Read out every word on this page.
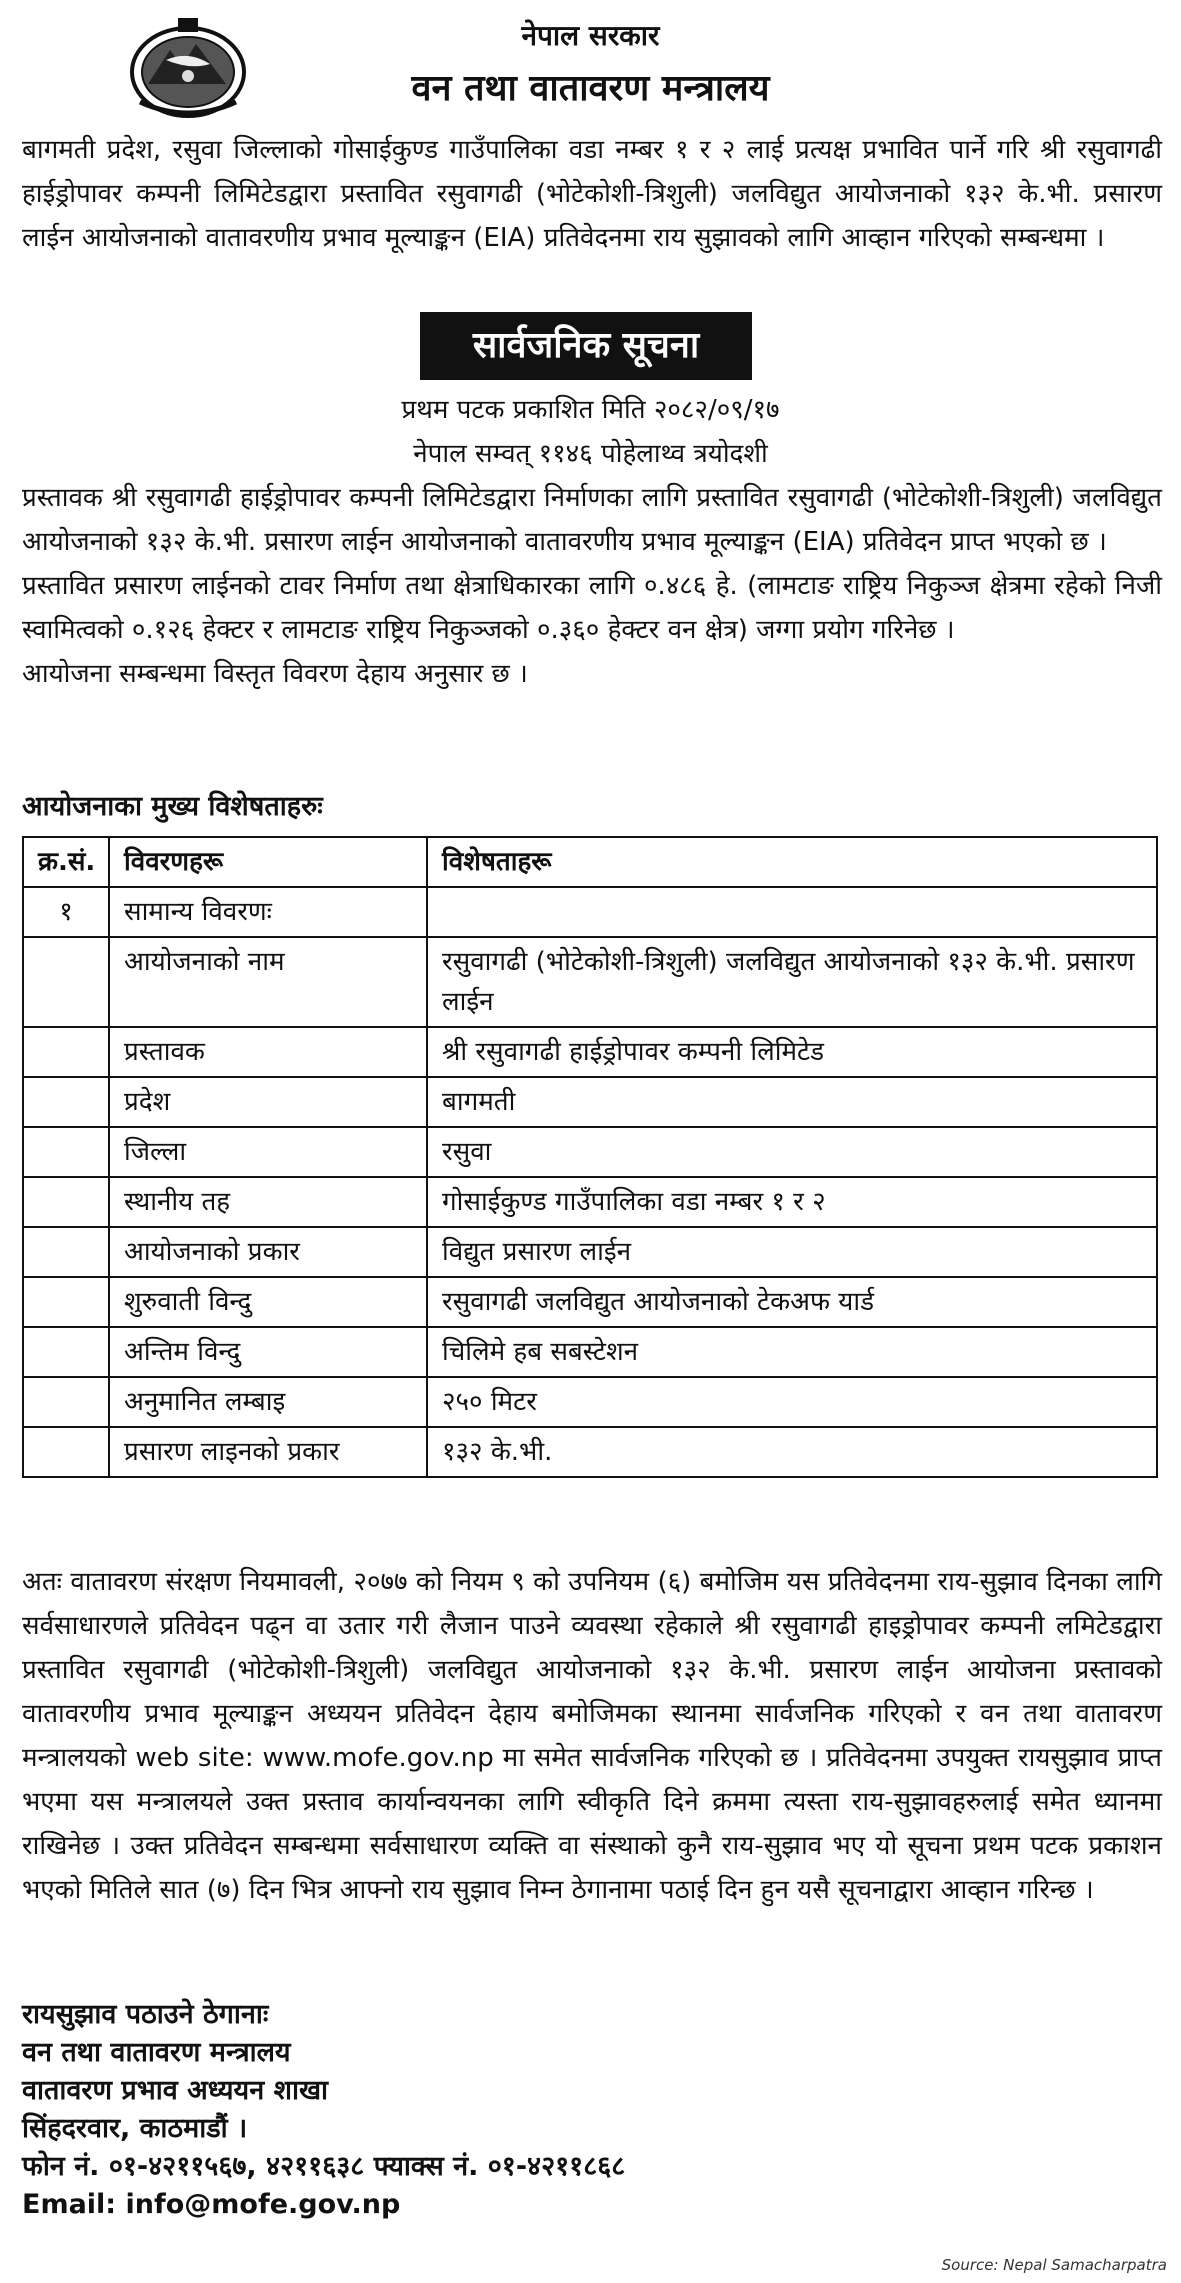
नेपाल सरकार
वन तथा वातावरण मन्त्रालय
बागमती प्रदेश, रसुवा जिल्लाको गोसाईकुण्ड गाउँपालिका वडा नम्बर १ र २ लाई प्रत्यक्ष प्रभावित पार्ने गरि श्री रसुवागढी हाईड्रोपावर कम्पनी लिमिटेडद्वारा प्रस्तावित रसुवागढी (भोटेकोशी-त्रिशुली) जलविद्युत आयोजनाको १३२ के.भी. प्रसारण लाईन आयोजनाको वातावरणीय प्रभाव मूल्याङ्कन (EIA) प्रतिवेदनमा राय सुझावको लागि आव्हान गरिएको सम्बन्धमा ।
सार्वजनिक सूचना
प्रथम पटक प्रकाशित मिति २०८२/०९/१७
नेपाल सम्वत् ११४६ पोहेलाथ्व त्रयोदशी
प्रस्तावक श्री रसुवागढी हाईड्रोपावर कम्पनी लिमिटेडद्वारा निर्माणका लागि प्रस्तावित रसुवागढी (भोटेकोशी-त्रिशुली) जलविद्युत आयोजनाको १३२ के.भी. प्रसारण लाईन आयोजनाको वातावरणीय प्रभाव मूल्याङ्कन (EIA) प्रतिवेदन प्राप्त भएको छ ।
प्रस्तावित प्रसारण लाईनको टावर निर्माण तथा क्षेत्राधिकारका लागि ०.४८६ हे. (लामटाङ राष्ट्रिय निकुञ्ज क्षेत्रमा रहेको निजी स्वामित्वको ०.१२६ हेक्टर र लामटाङ राष्ट्रिय निकुञ्जको ०.३६० हेक्टर वन क्षेत्र) जग्गा प्रयोग गरिनेछ ।
आयोजना सम्बन्धमा विस्तृत विवरण देहाय अनुसार छ ।
आयोजनाका मुख्य विशेषताहरुः
क्र.सं.	विवरणहरू	विशेषताहरू
१	सामान्य विवरणः	
	आयोजनाको नाम	रसुवागढी (भोटेकोशी-त्रिशुली) जलविद्युत आयोजनाको १३२ के.भी. प्रसारण लाईन
	प्रस्तावक	श्री रसुवागढी हाईड्रोपावर कम्पनी लिमिटेड
	प्रदेश	बागमती
	जिल्ला	रसुवा
	स्थानीय तह	गोसाईकुण्ड गाउँपालिका वडा नम्बर १ र २
	आयोजनाको प्रकार	विद्युत प्रसारण लाईन
	शुरुवाती विन्दु	रसुवागढी जलविद्युत आयोजनाको टेकअफ यार्ड
	अन्तिम विन्दु	चिलिमे हब सबस्टेशन
	अनुमानित लम्बाइ	२५० मिटर
	प्रसारण लाइनको प्रकार	१३२ के.भी.
अतः वातावरण संरक्षण नियमावली, २०७७ को नियम ९ को उपनियम (६) बमोजिम यस प्रतिवेदनमा राय-सुझाव दिनका लागि सर्वसाधारणले प्रतिवेदन पढ्न वा उतार गरी लैजान पाउने व्यवस्था रहेकाले श्री रसुवागढी हाइड्रोपावर कम्पनी लमिटेडद्वारा प्रस्तावित रसुवागढी (भोटेकोशी-त्रिशुली) जलविद्युत आयोजनाको १३२ के.भी. प्रसारण लाईन आयोजना प्रस्तावको वातावरणीय प्रभाव मूल्याङ्कन अध्ययन प्रतिवेदन देहाय बमोजिमका स्थानमा सार्वजनिक गरिएको र वन तथा वातावरण मन्त्रालयको web site: www.mofe.gov.np मा समेत सार्वजनिक गरिएको छ । प्रतिवेदनमा उपयुक्त रायसुझाव प्राप्त भएमा यस मन्त्रालयले उक्त प्रस्ताव कार्यान्वयनका लागि स्वीकृति दिने क्रममा त्यस्ता राय-सुझावहरुलाई समेत ध्यानमा राखिनेछ । उक्त प्रतिवेदन सम्बन्धमा सर्वसाधारण व्यक्ति वा संस्थाको कुनै राय-सुझाव भए यो सूचना प्रथम पटक प्रकाशन भएको मितिले सात (७) दिन भित्र आफ्नो राय सुझाव निम्न ठेगानामा पठाई दिन हुन यसै सूचनाद्वारा आव्हान गरिन्छ ।
रायसुझाव पठाउने ठेगानाः
वन तथा वातावरण मन्त्रालय
वातावरण प्रभाव अध्ययन शाखा
सिंहदरवार, काठमाडौं ।
फोन नं. ०१-४२११५६७, ४२११६३८ फ्याक्स नं. ०१-४२११८६८
Email: info@mofe.gov.np
Source: Nepal Samacharpatra
